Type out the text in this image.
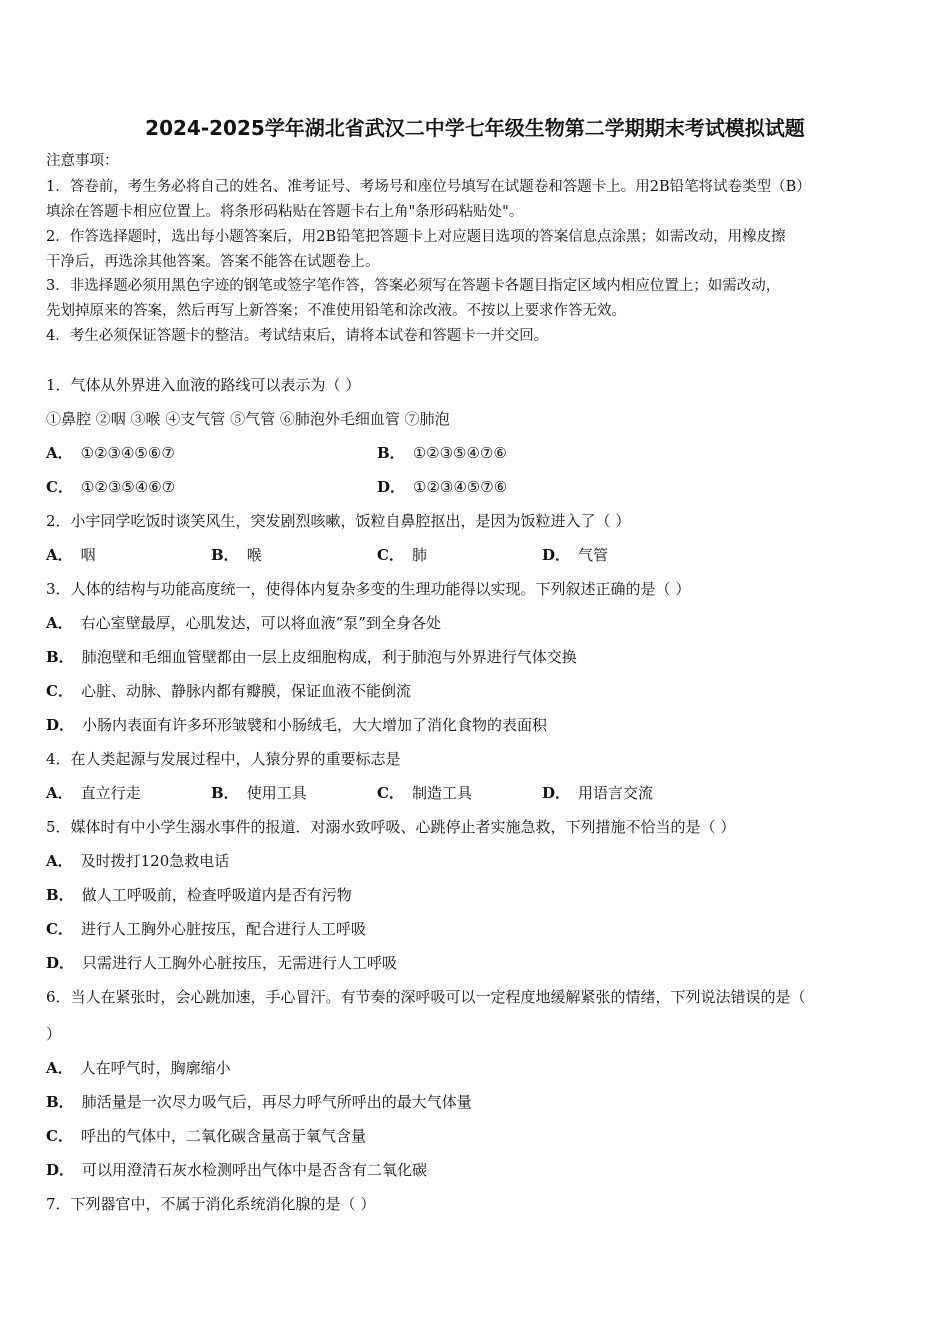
2024-2025学年湖北省武汉二中学七年级生物第二学期期末考试模拟试题
注意事项：
1．答卷前，考生务必将自己的姓名、准考证号、考场号和座位号填写在试题卷和答题卡上。用2B铅笔将试卷类型（B）
填涂在答题卡相应位置上。将条形码粘贴在答题卡右上角"条形码粘贴处"。
2．作答选择题时，选出每小题答案后，用2B铅笔把答题卡上对应题目选项的答案信息点涂黑；如需改动，用橡皮擦
干净后，再选涂其他答案。答案不能答在试题卷上。
3．非选择题必须用黑色字迹的钢笔或签字笔作答，答案必须写在答题卡各题目指定区域内相应位置上；如需改动，
先划掉原来的答案，然后再写上新答案；不准使用铅笔和涂改液。不按以上要求作答无效。
4．考生必须保证答题卡的整洁。考试结束后，请将本试卷和答题卡一并交回。
1．气体从外界进入血液的路线可以表示为（ ）
①鼻腔 ②咽 ③喉 ④支气管 ⑤气管 ⑥肺泡外毛细血管 ⑦肺泡
A． ①②③④⑤⑥⑦	B． ①②③⑤④⑦⑥
C． ①②③⑤④⑥⑦	D． ①②③④⑤⑦⑥
2．小宇同学吃饭时谈笑风生，突发剧烈咳嗽，饭粒自鼻腔抠出，是因为饭粒进入了（ ）
A． 咽	B． 喉	C． 肺	D． 气管
3．人体的结构与功能高度统一，使得体内复杂多变的生理功能得以实现。下列叙述正确的是（ ）
A． 右心室壁最厚，心肌发达，可以将血液“泵”到全身各处
B． 肺泡壁和毛细血管壁都由一层上皮细胞构成，利于肺泡与外界进行气体交换
C． 心脏、动脉、静脉内都有瓣膜，保证血液不能倒流
D． 小肠内表面有许多环形皱襞和小肠绒毛，大大增加了消化食物的表面积
4．在人类起源与发展过程中，人猿分界的重要标志是
A． 直立行走	B． 使用工具	C． 制造工具	D． 用语言交流
5．媒体时有中小学生溺水事件的报道．对溺水致呼吸、心跳停止者实施急救，下列措施不恰当的是（ ）
A． 及时拨打120急救电话
B． 做人工呼吸前，检查呼吸道内是否有污物
C． 进行人工胸外心脏按压，配合进行人工呼吸
D． 只需进行人工胸外心脏按压，无需进行人工呼吸
6．当人在紧张时，会心跳加速，手心冒汗。有节奏的深呼吸可以一定程度地缓解紧张的情绪，下列说法错误的是（
）
A． 人在呼气时，胸廓缩小
B． 肺活量是一次尽力吸气后，再尽力呼气所呼出的最大气体量
C． 呼出的气体中，二氧化碳含量高于氧气含量
D． 可以用澄清石灰水检测呼出气体中是否含有二氧化碳
7．下列器官中，不属于消化系统消化腺的是（ ）
